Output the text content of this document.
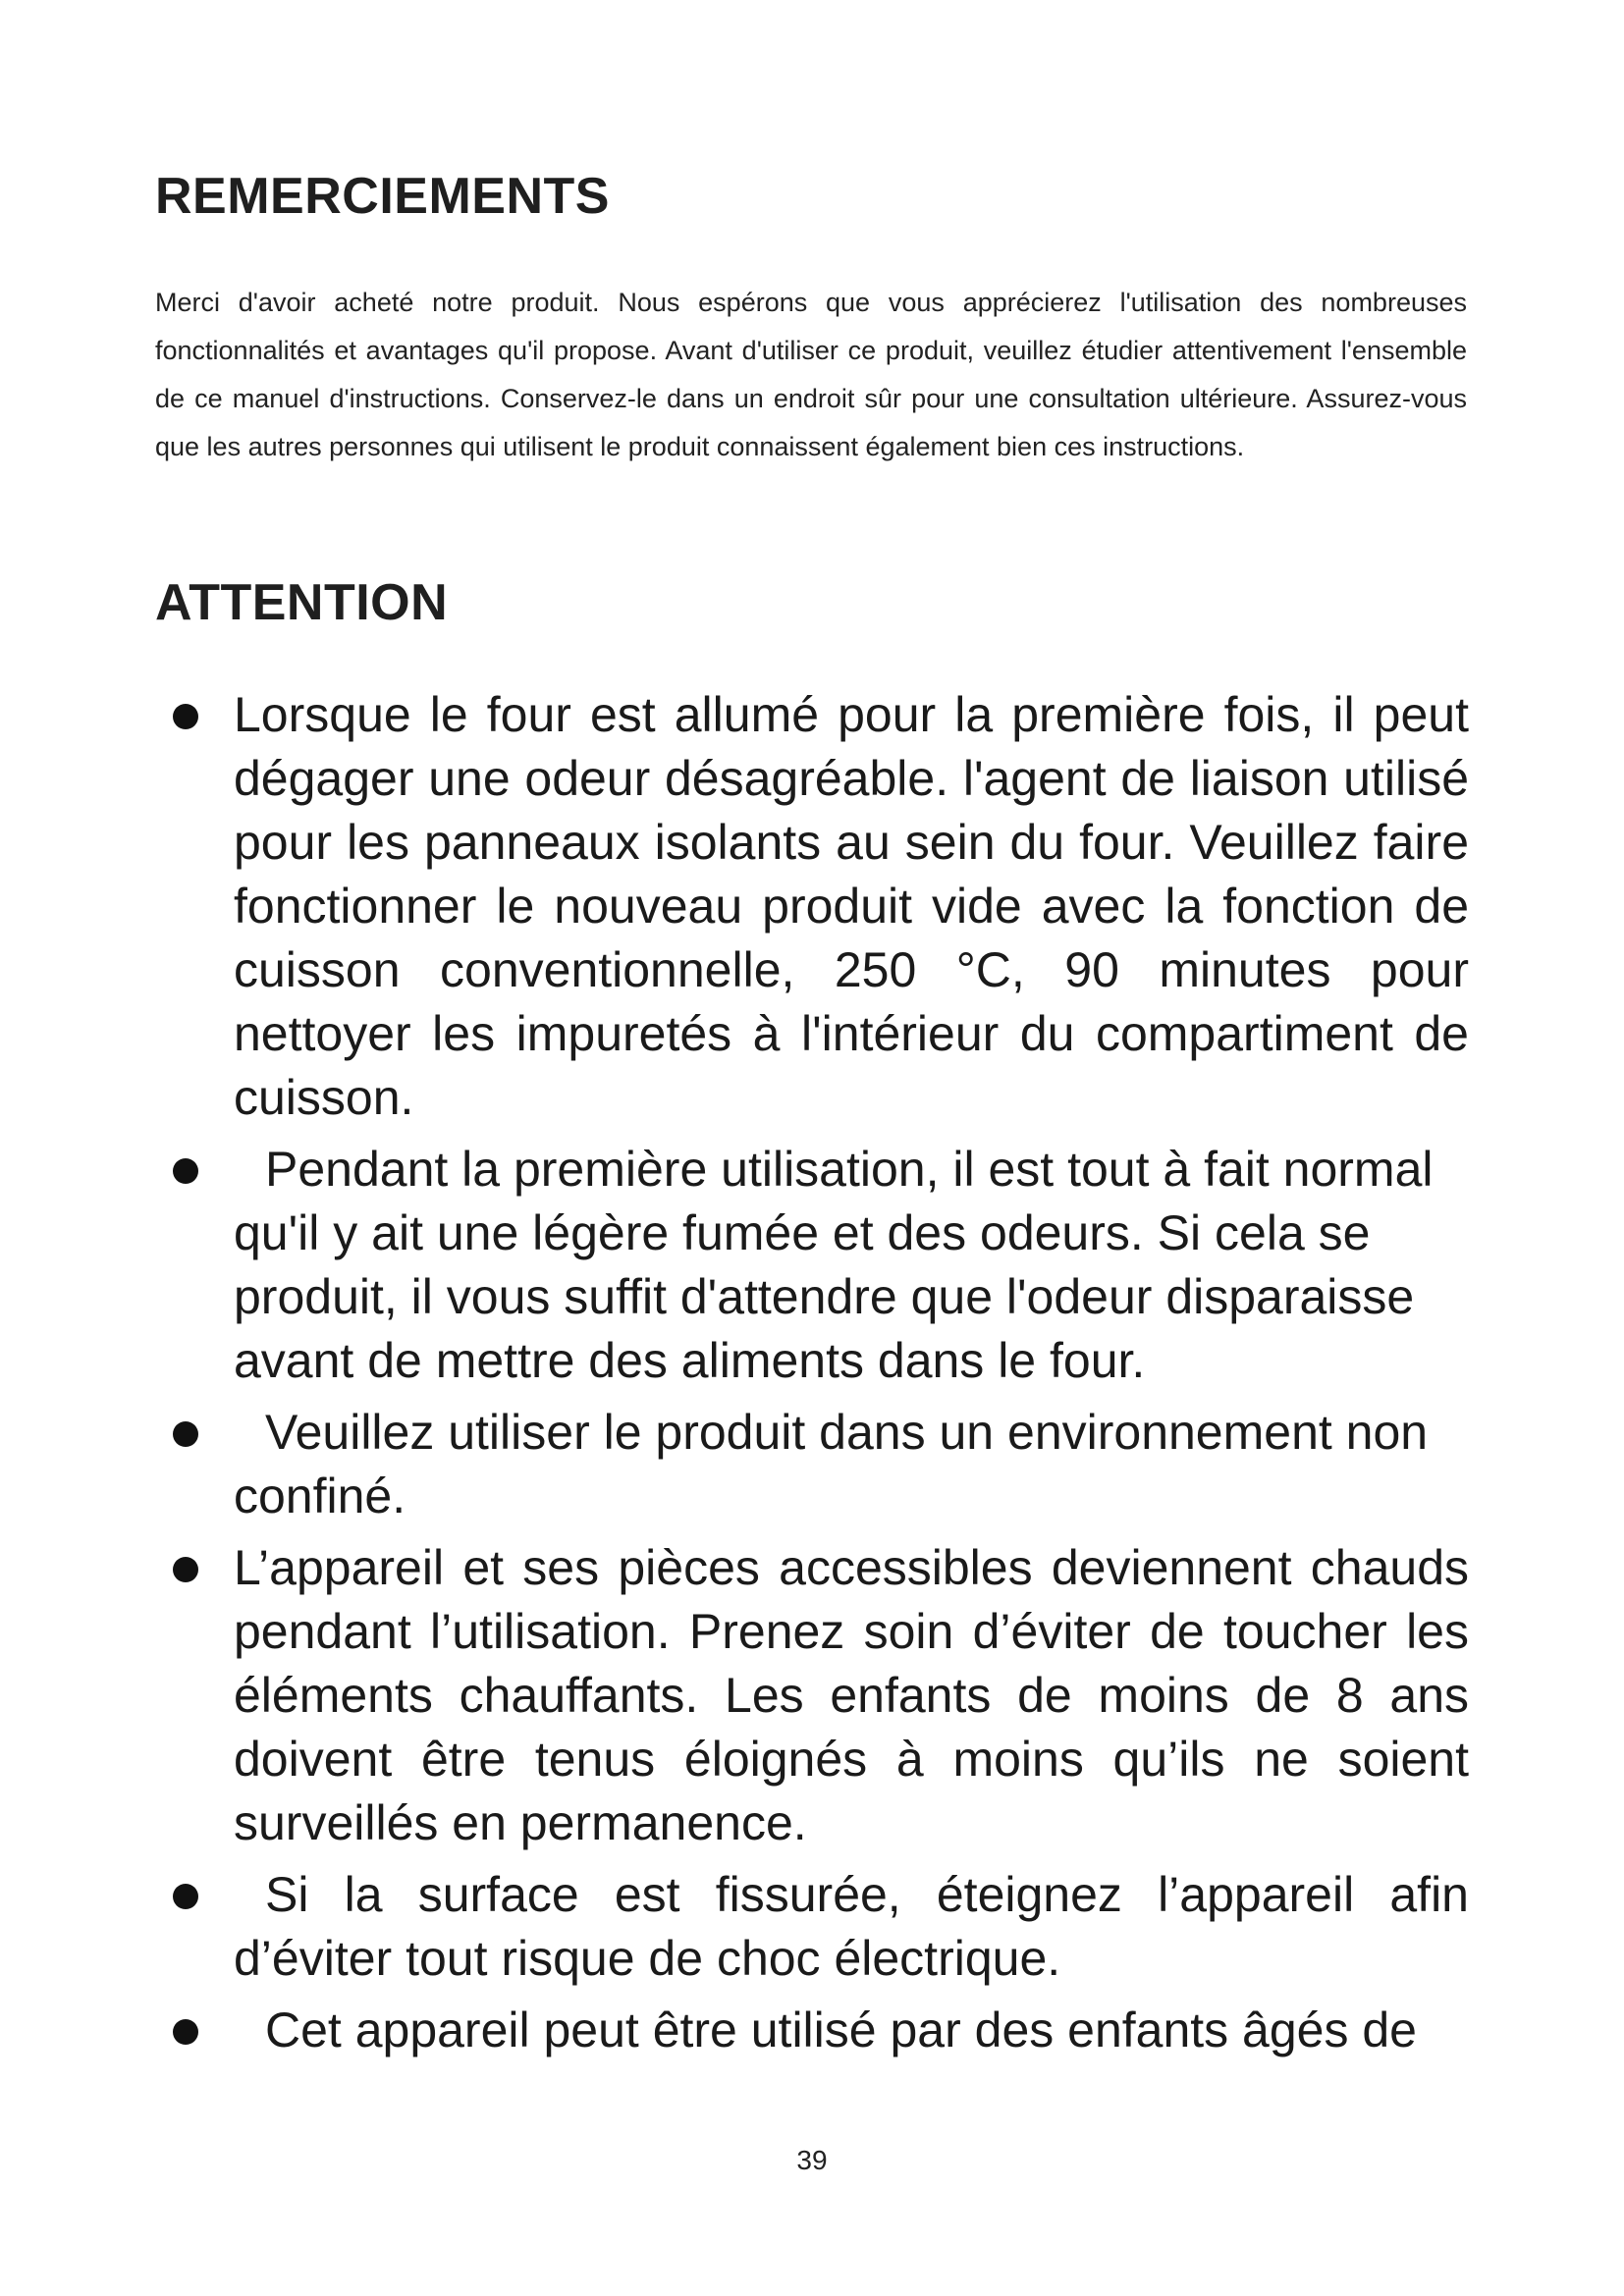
REMERCIEMENTS

Merci d'avoir acheté notre produit. Nous espérons que vous apprécierez l'utilisation des nombreuses fonctionnalités et avantages qu'il propose. Avant d'utiliser ce produit, veuillez étudier attentivement l'ensemble de ce manuel d'instructions. Conservez-le dans un endroit sûr pour une consultation ultérieure. Assurez-vous que les autres personnes qui utilisent le produit connaissent également bien ces instructions.

ATTENTION
Lorsque le four est allumé pour la première fois, il peut dégager une odeur désagréable. l'agent de liaison utilisé pour les panneaux isolants au sein du four. Veuillez faire fonctionner le nouveau produit vide avec la fonction de cuisson conventionnelle, 250 °C, 90 minutes pour nettoyer les impuretés à l'intérieur du compartiment de cuisson.
Pendant la première utilisation, il est tout à fait normal qu'il y ait une légère fumée et des odeurs. Si cela se produit, il vous suffit d'attendre que l'odeur disparaisse avant de mettre des aliments dans le four.
Veuillez utiliser le produit dans un environnement non confiné.
L’appareil et ses pièces accessibles deviennent chauds pendant l’utilisation. Prenez soin d’éviter de toucher les éléments chauffants. Les enfants de moins de 8 ans doivent être tenus éloignés à moins qu’ils ne soient surveillés en permanence.
Si la surface est fissurée, éteignez l’appareil afin d’éviter tout risque de choc électrique.
Cet appareil peut être utilisé par des enfants âgés de
39
